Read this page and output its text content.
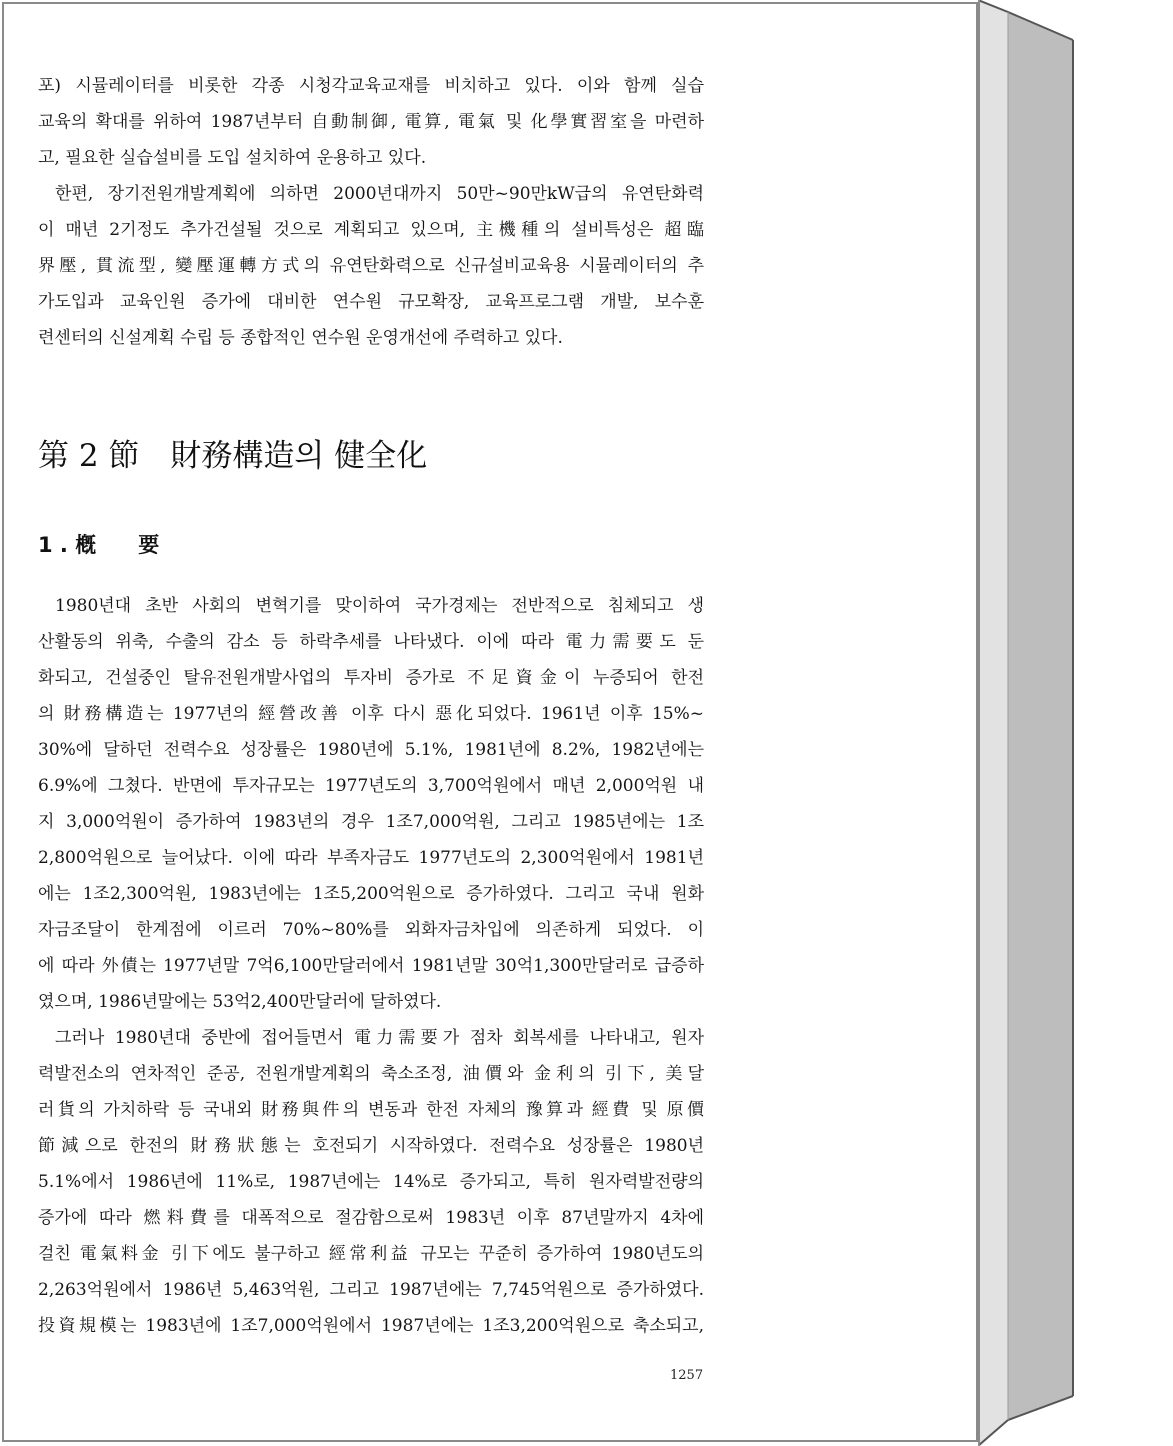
포) 시뮬레이터를 비롯한 각종 시청각교육교재를 비치하고 있다. 이와 함께 실습

교육의 확대를 위하여 1987년부터 自動制御, 電算, 電氣 및 化學實習室을 마련하

고, 필요한 실습설비를 도입 설치하여 운용하고 있다.

한편, 장기전원개발계획에 의하면 2000년대까지 50만~90만kW급의 유연탄화력

이 매년 2기정도 추가건설될 것으로 계획되고 있으며, 主機種의 설비특성은 超臨

界壓, 貫流型, 變壓運轉方式의 유연탄화력으로 신규설비교육용 시뮬레이터의 추

가도입과 교육인원 증가에 대비한 연수원 규모확장, 교육프로그램 개발, 보수훈

련센터의 신설계획 수립 등 종합적인 연수원 운영개선에 주력하고 있다.

第 2 節　財務構造의 健全化
1 . 槪　　要

1980년대 초반 사회의 변혁기를 맞이하여 국가경제는 전반적으로 침체되고 생

산활동의 위축, 수출의 감소 등 하락추세를 나타냈다. 이에 따라 電力需要도 둔

화되고, 건설중인 탈유전원개발사업의 투자비 증가로 不足資金이 누증되어 한전

의 財務構造는 1977년의 經營改善 이후 다시 惡化되었다. 1961년 이후 15%~

30%에 달하던 전력수요 성장률은 1980년에 5.1%, 1981년에 8.2%, 1982년에는

6.9%에 그쳤다. 반면에 투자규모는 1977년도의 3,700억원에서 매년 2,000억원 내

지 3,000억원이 증가하여 1983년의 경우 1조7,000억원, 그리고 1985년에는 1조

2,800억원으로 늘어났다. 이에 따라 부족자금도 1977년도의 2,300억원에서 1981년

에는 1조2,300억원, 1983년에는 1조5,200억원으로 증가하였다. 그리고 국내 원화

자금조달이 한계점에 이르러 70%~80%를 외화자금차입에 의존하게 되었다. 이

에 따라 外債는 1977년말 7억6,100만달러에서 1981년말 30억1,300만달러로 급증하

였으며, 1986년말에는 53억2,400만달러에 달하였다.

그러나 1980년대 중반에 접어들면서 電力需要가 점차 회복세를 나타내고, 원자

력발전소의 연차적인 준공, 전원개발계획의 축소조정, 油價와 金利의 引下, 美달

러貨의 가치하락 등 국내외 財務與件의 변동과 한전 자체의 豫算과 經費 및 原價

節減으로 한전의 財務狀態는 호전되기 시작하였다. 전력수요 성장률은 1980년

5.1%에서 1986년에 11%로, 1987년에는 14%로 증가되고, 특히 원자력발전량의

증가에 따라 燃料費를 대폭적으로 절감함으로써 1983년 이후 87년말까지 4차에

걸친 電氣料金 引下에도 불구하고 經常利益 규모는 꾸준히 증가하여 1980년도의

2,263억원에서 1986년 5,463억원, 그리고 1987년에는 7,745억원으로 증가하였다.

投資規模는 1983년에 1조7,000억원에서 1987년에는 1조3,200억원으로 축소되고,

1257
